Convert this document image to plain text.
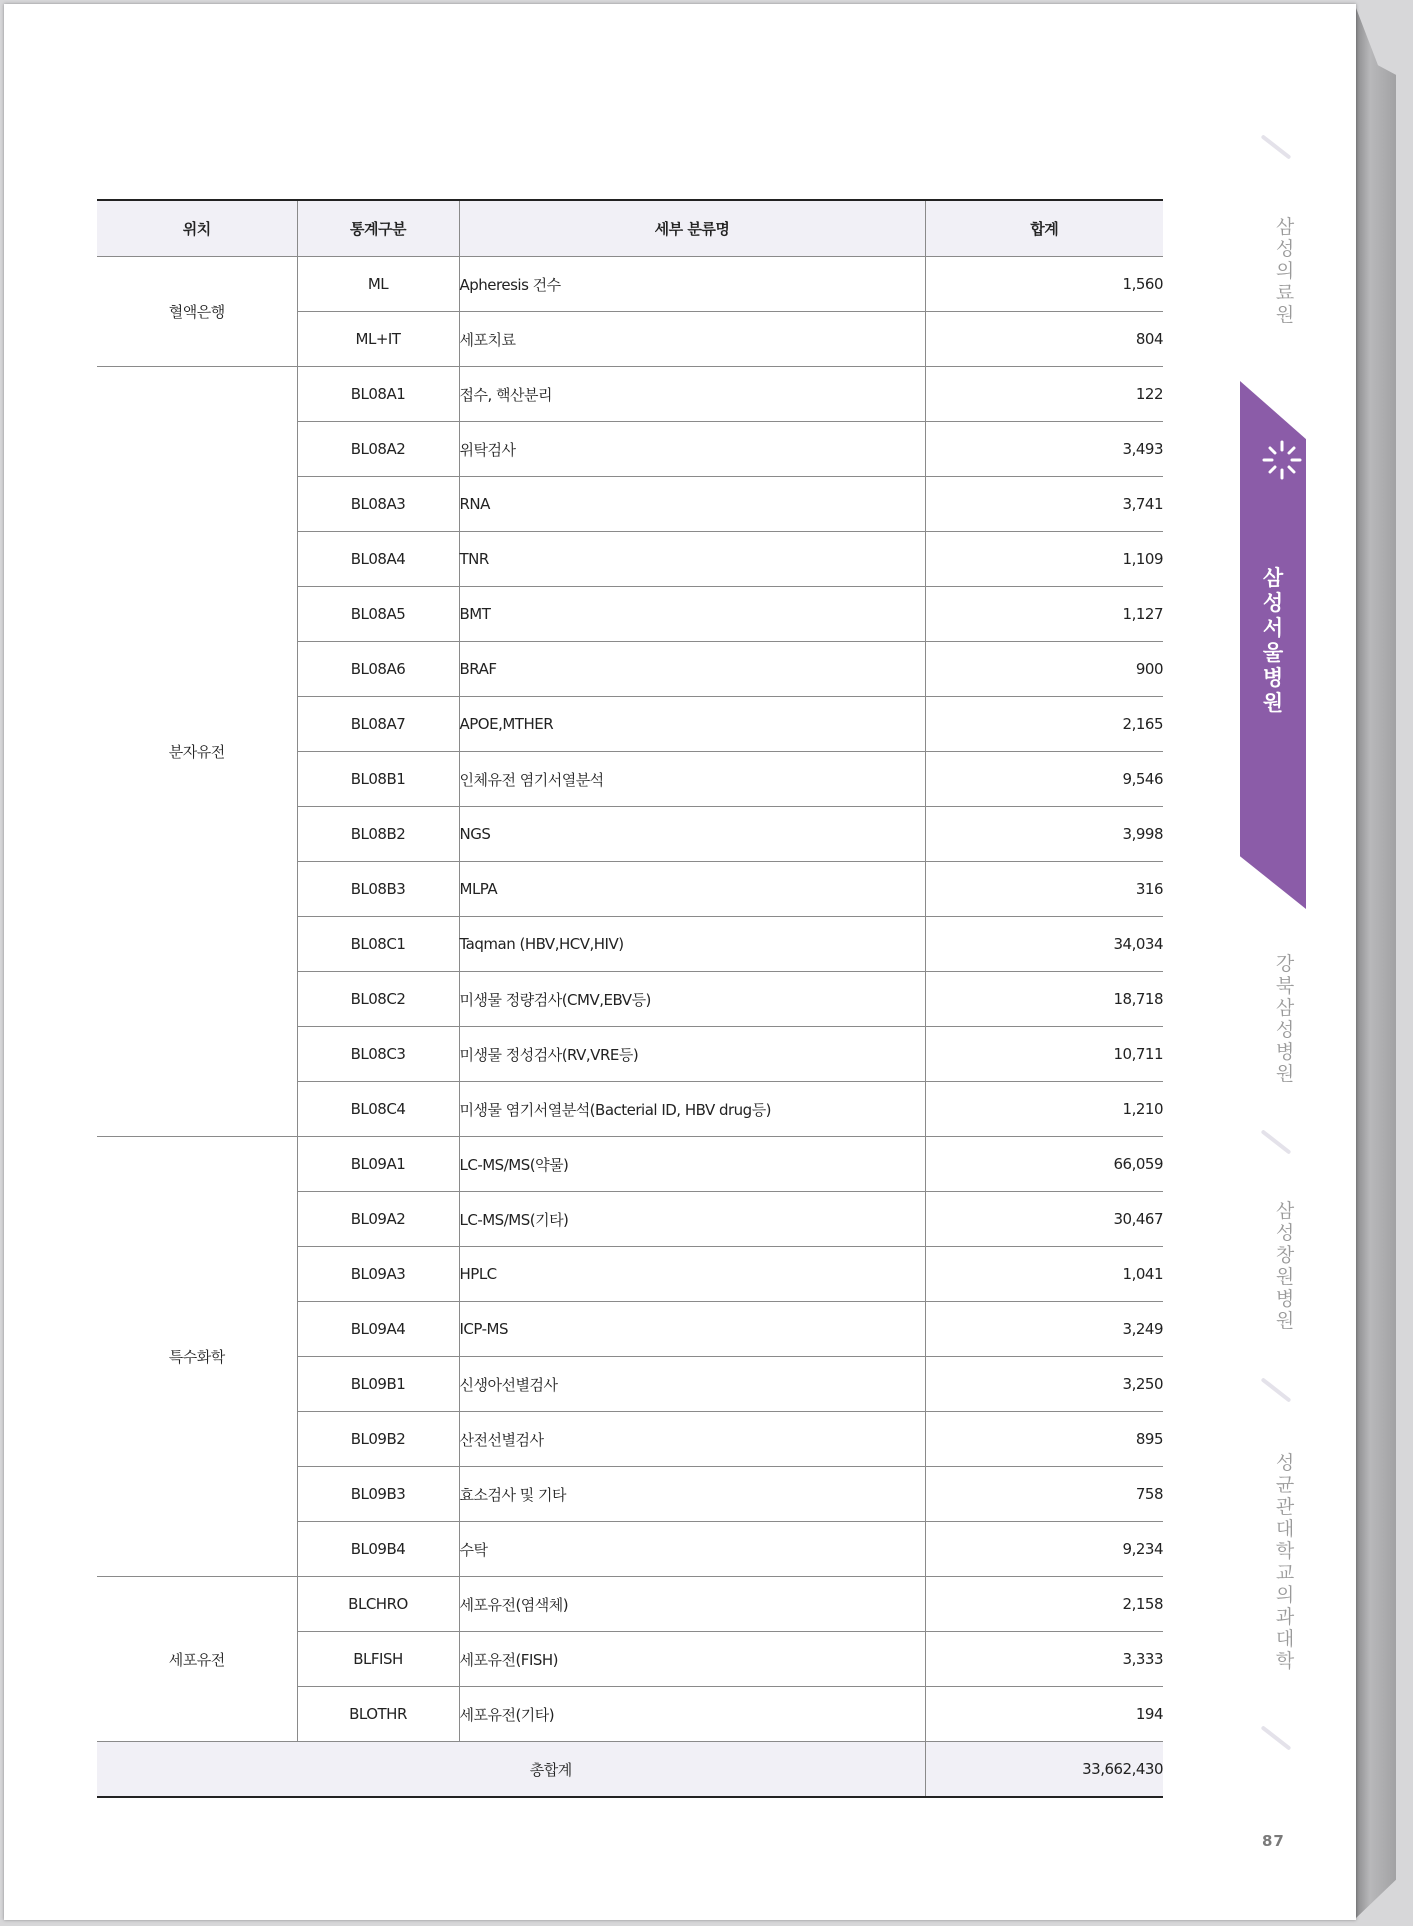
위치	통계구분	세부 분류명	합계
혈액은행	ML	Apheresis 건수	1,560
	ML+IT	세포치료	804
분자유전	BL08A1	접수, 핵산분리	122
	BL08A2	위탁검사	3,493
	BL08A3	RNA	3,741
	BL08A4	TNR	1,109
	BL08A5	BMT	1,127
	BL08A6	BRAF	900
	BL08A7	APOE,MTHER	2,165
	BL08B1	인체유전 염기서열분석	9,546
	BL08B2	NGS	3,998
	BL08B3	MLPA	316
	BL08C1	Taqman (HBV,HCV,HIV)	34,034
	BL08C2	미생물 정량검사(CMV,EBV등)	18,718
	BL08C3	미생물 정성검사(RV,VRE등)	10,711
	BL08C4	미생물 염기서열분석(Bacterial ID, HBV drug등)	1,210
특수화학	BL09A1	LC-MS/MS(약물)	66,059
	BL09A2	LC-MS/MS(기타)	30,467
	BL09A3	HPLC	1,041
	BL09A4	ICP-MS	3,249
	BL09B1	신생아선별검사	3,250
	BL09B2	산전선별검사	895
	BL09B3	효소검사 및 기타	758
	BL09B4	수탁	9,234
세포유전	BLCHRO	세포유전(염색체)	2,158
	BLFISH	세포유전(FISH)	3,333
	BLOTHR	세포유전(기타)	194
총합계			33,662,430
삼성의료원
삼성서울병원
강북삼성병원
삼성창원병원
성균관대학교 의과대학
87
